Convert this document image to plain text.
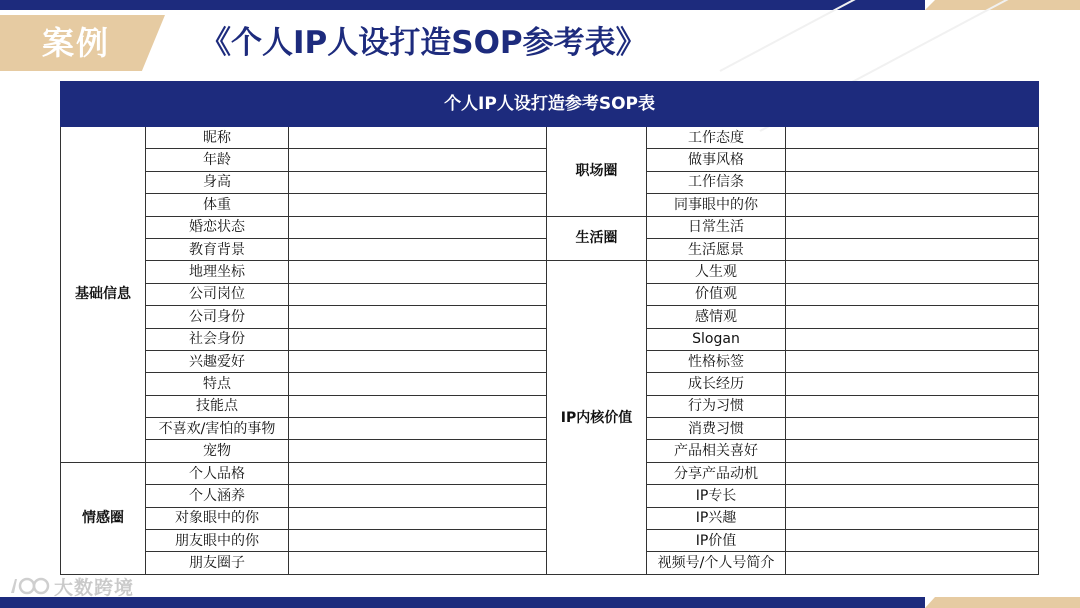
案例	《个人IP人设打造SOP参考表》
个人IP人设打造参考SOP表					
基础信息	昵称		职场圈	工作态度	
	年龄			做事风格	
	身高			工作信条	
	体重			同事眼中的你	
	婚恋状态		生活圈	日常生活	
	教育背景			生活愿景	
	地理坐标		IP内核价值	人生观	
	公司岗位			价值观	
	公司身份			感情观	
	社会身份			Slogan	
	兴趣爱好			性格标签	
	特点			成长经历	
	技能点			行为习惯	
	不喜欢/害怕的事物			消费习惯	
	宠物			产品相关喜好	
情感圈	个人品格			分享产品动机	
	个人涵养			IP专长	
	对象眼中的你			IP兴趣	
	朋友眼中的你			IP价值	
	朋友圈子			视频号/个人号简介	
大数跨境
